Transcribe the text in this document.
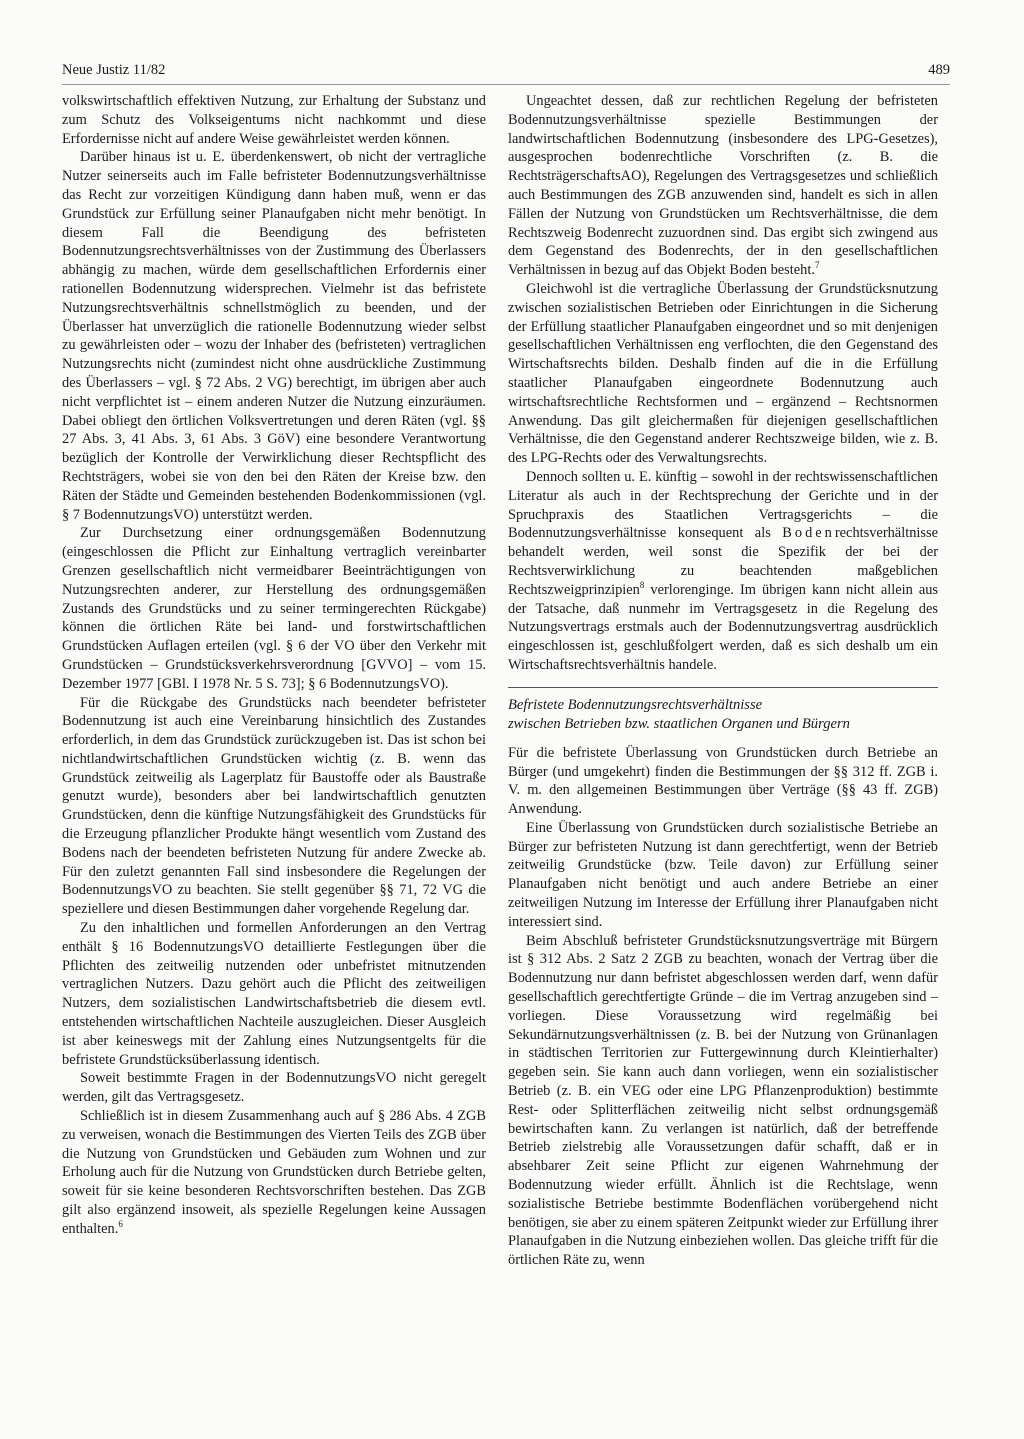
Neue Justiz 11/82	489

volkswirtschaftlich effektiven Nutzung, zur Erhaltung der Substanz und zum Schutz des Volkseigentums nicht nachkommt und diese Erfordernisse nicht auf andere Weise gewährleistet werden können.

Darüber hinaus ist u. E. überdenkenswert, ob nicht der vertragliche Nutzer seinerseits auch im Falle befristeter Bodennutzungsverhältnisse das Recht zur vorzeitigen Kündigung dann haben muß, wenn er das Grundstück zur Erfüllung seiner Planaufgaben nicht mehr benötigt. In diesem Fall die Beendigung des befristeten Bodennutzungsrechtsverhältnisses von der Zustimmung des Überlassers abhängig zu machen, würde dem gesellschaftlichen Erfordernis einer rationellen Bodennutzung widersprechen. Vielmehr ist das befristete Nutzungsrechtsverhältnis schnellstmöglich zu beenden, und der Überlasser hat unverzüglich die rationelle Bodennutzung wieder selbst zu gewährleisten oder – wozu der Inhaber des (befristeten) vertraglichen Nutzungsrechts nicht (zumindest nicht ohne ausdrückliche Zustimmung des Überlassers – vgl. § 72 Abs. 2 VG) berechtigt, im übrigen aber auch nicht verpflichtet ist – einem anderen Nutzer die Nutzung einzuräumen. Dabei obliegt den örtlichen Volksvertretungen und deren Räten (vgl. §§ 27 Abs. 3, 41 Abs. 3, 61 Abs. 3 GöV) eine besondere Verantwortung bezüglich der Kontrolle der Verwirklichung dieser Rechtspflicht des Rechtsträgers, wobei sie von den bei den Räten der Kreise bzw. den Räten der Städte und Gemeinden bestehenden Bodenkommissionen (vgl. § 7 BodennutzungsVO) unterstützt werden.

Zur Durchsetzung einer ordnungsgemäßen Bodennutzung (eingeschlossen die Pflicht zur Einhaltung vertraglich vereinbarter Grenzen gesellschaftlich nicht vermeidbarer Beeinträchtigungen von Nutzungsrechten anderer, zur Herstellung des ordnungsgemäßen Zustands des Grundstücks und zu seiner termingerechten Rückgabe) können die örtlichen Räte bei land- und forstwirtschaftlichen Grundstücken Auflagen erteilen (vgl. § 6 der VO über den Verkehr mit Grundstücken – Grundstücksverkehrsverordnung [GVVO] – vom 15. Dezember 1977 [GBl. I 1978 Nr. 5 S. 73]; § 6 BodennutzungsVO).

Für die Rückgabe des Grundstücks nach beendeter befristeter Bodennutzung ist auch eine Vereinbarung hinsichtlich des Zustandes erforderlich, in dem das Grundstück zurückzugeben ist. Das ist schon bei nichtlandwirtschaftlichen Grundstücken wichtig (z. B. wenn das Grundstück zeitweilig als Lagerplatz für Baustoffe oder als Baustraße genutzt wurde), besonders aber bei landwirtschaftlich genutzten Grundstücken, denn die künftige Nutzungsfähigkeit des Grundstücks für die Erzeugung pflanzlicher Produkte hängt wesentlich vom Zustand des Bodens nach der beendeten befristeten Nutzung für andere Zwecke ab. Für den zuletzt genannten Fall sind insbesondere die Regelungen der BodennutzungsVO zu beachten. Sie stellt gegenüber §§ 71, 72 VG die speziellere und diesen Bestimmungen daher vorgehende Regelung dar.

Zu den inhaltlichen und formellen Anforderungen an den Vertrag enthält § 16 BodennutzungsVO detaillierte Festlegungen über die Pflichten des zeitweilig nutzenden oder unbefristet mitnutzenden vertraglichen Nutzers. Dazu gehört auch die Pflicht des zeitweiligen Nutzers, dem sozialistischen Landwirtschaftsbetrieb die diesem evtl. entstehenden wirtschaftlichen Nachteile auszugleichen. Dieser Ausgleich ist aber keineswegs mit der Zahlung eines Nutzungsentgelts für die befristete Grundstücksüberlassung identisch.

Soweit bestimmte Fragen in der BodennutzungsVO nicht geregelt werden, gilt das Vertragsgesetz.

Schließlich ist in diesem Zusammenhang auch auf § 286 Abs. 4 ZGB zu verweisen, wonach die Bestimmungen des Vierten Teils des ZGB über die Nutzung von Grundstücken und Gebäuden zum Wohnen und zur Erholung auch für die Nutzung von Grundstücken durch Betriebe gelten, soweit für sie keine besonderen Rechtsvorschriften bestehen. Das ZGB gilt also ergänzend insoweit, als spezielle Regelungen keine Aussagen enthalten.$^6$

Ungeachtet dessen, daß zur rechtlichen Regelung der befristeten Bodennutzungsverhältnisse spezielle Bestimmungen der landwirtschaftlichen Bodennutzung (insbesondere des LPG-Gesetzes), ausgesprochen bodenrechtliche Vorschriften (z. B. die RechtsträgerschaftsAO), Regelungen des Vertragsgesetzes und schließlich auch Bestimmungen des ZGB anzuwenden sind, handelt es sich in allen Fällen der Nutzung von Grundstücken um Rechtsverhältnisse, die dem Rechtszweig Bodenrecht zuzuordnen sind. Das ergibt sich zwingend aus dem Gegenstand des Bodenrechts, der in den gesellschaftlichen Verhältnissen in bezug auf das Objekt Boden besteht.$^7$

Gleichwohl ist die vertragliche Überlassung der Grundstücksnutzung zwischen sozialistischen Betrieben oder Einrichtungen in die Sicherung der Erfüllung staatlicher Planaufgaben eingeordnet und so mit denjenigen gesellschaftlichen Verhältnissen eng verflochten, die den Gegenstand des Wirtschaftsrechts bilden. Deshalb finden auf die in die Erfüllung staatlicher Planaufgaben eingeordnete Bodennutzung auch wirtschaftsrechtliche Rechtsformen und – ergänzend – Rechtsnormen Anwendung. Das gilt gleichermaßen für diejenigen gesellschaftlichen Verhältnisse, die den Gegenstand anderer Rechtszweige bilden, wie z. B. des LPG-Rechts oder des Verwaltungsrechts.

Dennoch sollten u. E. künftig – sowohl in der rechtswissenschaftlichen Literatur als auch in der Rechtsprechung der Gerichte und in der Spruchpraxis des Staatlichen Vertragsgerichts – die Bodennutzungsverhältnisse konsequent als Bodenrechtsverhältnisse behandelt werden, weil sonst die Spezifik der bei der Rechtsverwirklichung zu beachtenden maßgeblichen Rechtszweigprinzipien$^8$ verlorenginge. Im übrigen kann nicht allein aus der Tatsache, daß nunmehr im Vertragsgesetz in die Regelung des Nutzungsvertrags erstmals auch der Bodennutzungsvertrag ausdrücklich eingeschlossen ist, geschlußfolgert werden, daß es sich deshalb um ein Wirtschaftsrechtsverhältnis handele.

Befristete Bodennutzungsrechtsverhältnisse
zwischen Betrieben bzw. staatlichen Organen und Bürgern

Für die befristete Überlassung von Grundstücken durch Betriebe an Bürger (und umgekehrt) finden die Bestimmungen der §§ 312 ff. ZGB i. V. m. den allgemeinen Bestimmungen über Verträge (§§ 43 ff. ZGB) Anwendung.

Eine Überlassung von Grundstücken durch sozialistische Betriebe an Bürger zur befristeten Nutzung ist dann gerechtfertigt, wenn der Betrieb zeitweilig Grundstücke (bzw. Teile davon) zur Erfüllung seiner Planaufgaben nicht benötigt und auch andere Betriebe an einer zeitweiligen Nutzung im Interesse der Erfüllung ihrer Planaufgaben nicht interessiert sind.

Beim Abschluß befristeter Grundstücksnutzungsverträge mit Bürgern ist § 312 Abs. 2 Satz 2 ZGB zu beachten, wonach der Vertrag über die Bodennutzung nur dann befristet abgeschlossen werden darf, wenn dafür gesellschaftlich gerechtfertigte Gründe – die im Vertrag anzugeben sind – vorliegen. Diese Voraussetzung wird regelmäßig bei Sekundärnutzungsverhältnissen (z. B. bei der Nutzung von Grünanlagen in städtischen Territorien zur Futtergewinnung durch Kleintierhalter) gegeben sein. Sie kann auch dann vorliegen, wenn ein sozialistischer Betrieb (z. B. ein VEG oder eine LPG Pflanzenproduktion) bestimmte Rest- oder Splitterflächen zeitweilig nicht selbst ordnungsgemäß bewirtschaften kann. Zu verlangen ist natürlich, daß der betreffende Betrieb zielstrebig alle Voraussetzungen dafür schafft, daß er in absehbarer Zeit seine Pflicht zur eigenen Wahrnehmung der Bodennutzung wieder erfüllt. Ähnlich ist die Rechtslage, wenn sozialistische Betriebe bestimmte Bodenflächen vorübergehend nicht benötigen, sie aber zu einem späteren Zeitpunkt wieder zur Erfüllung ihrer Planaufgaben in die Nutzung einbeziehen wollen. Das gleiche trifft für die örtlichen Räte zu, wenn
